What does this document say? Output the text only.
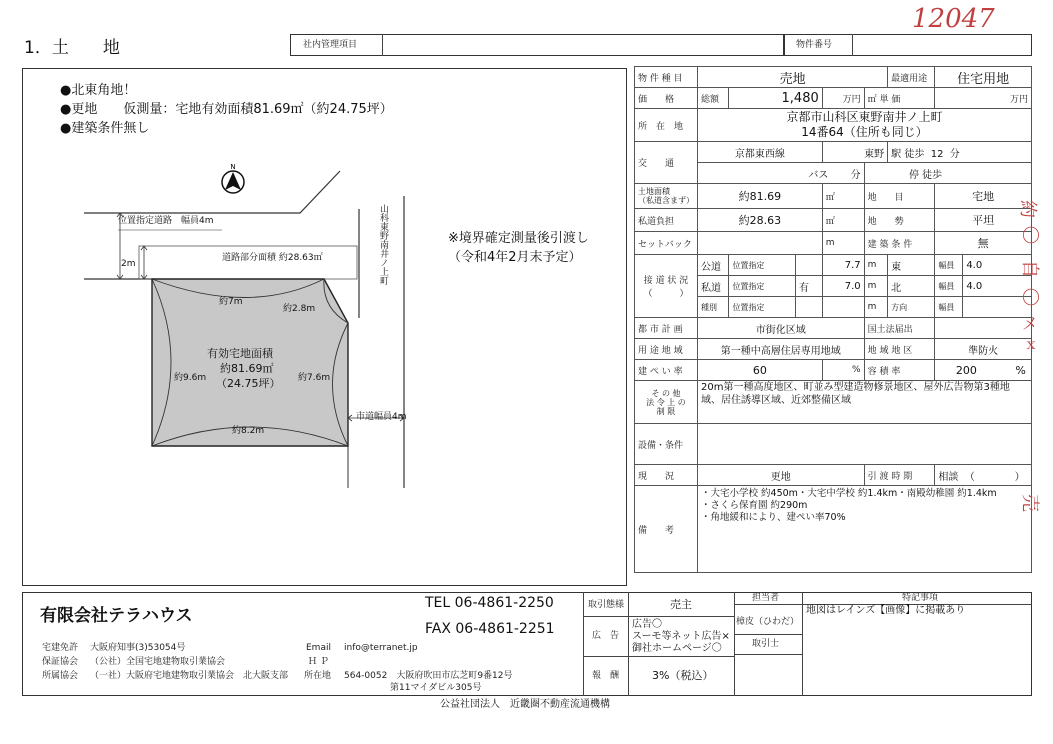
1．土　　地	社内管理項目	物件番号
12047
●北東角地！
●更地　　仮測量：宅地有効面積81.69㎡（約24.75坪）
●建築条件無し
※境界確定測量後引渡し
（令和4年2月末予定）
N
位置指定道路　幅員4m	山科東野南井ノ上町
市道幅員4m
道路部分面積 約28.63㎡
2m
約7m
約2.8m
約9.6m	約7.6m
約8.2m
有効宅地面積
約81.69㎡
（24.75坪）
物 件 種 目	売地					最適用途	住宅用地	
価　　格	総額	1,480		万円	㎡ 単 価		万円	
所　在　地	京都市山科区東野南井ノ上町
14番64（住所も同じ）							

交　　通	京都東西線			東野		駅 徒歩 12 分		
	バス 分				停 徒歩			

土地面積
（私道含まず）	約81.69			㎡	地　　目		宅地	
私道負担	約28.63			㎡	地　　勢		平坦	
セットバック				m	建 築 条 件		無	

接 道 状 況
（　　　）	公道	位置指定		7.7	m	東	幅員	4.0
	私道	位置指定	有	7.0	m	北	幅員	4.0
	種別	位置指定			m	方向	幅員	
都 市 計 画	市街化区域				国土法届出			
用 途 地 域	第一種中高層住居専用地域				地 域 地 区		準防火	
建 ぺ い 率	60			%	容 積 率		200 %	
そ の 他
法 令 上 の
制 限	20m第一種高度地区、町並み型建造物修景地区、屋外広告物第3種地域、居住誘導区域、近郊整備区域							
設備・条件								
現　　況	更地				引 渡 時 期		相談 （　　　　）	
備　　考	・大宅小学校 約450m・大宅中学校 約1.4km・南殿幼稚園 約1.4km
・さくら保育園 約290m
・角地緩和により、建ぺい率70%							
約
〇
自
〇
メ
ｘ
売
有限会社テラハウス
TEL 06-4861-2250
FAX 06-4861-2251
宅建免許 大阪府知事(3)53054号
保証協会 （公社）全国宅地建物取引業協会
所属協会 （一社）大阪府宅地建物取引業協会　北大阪支部
Email info@terranet.jp
Ｈ Ｐ
所在地 564-0052　大阪府吹田市広芝町9番12号
第11マイダビル305号
取引態様	売主
広　告
広告〇
スーモ等ネット広告×
御社ホームページ〇
報　酬	3%（税込）
担当者
樟皮（ひわだ）
取引士
特記事項
地図はレインズ【画像】に掲載あり
公益社団法人　近畿圏不動産流通機構
